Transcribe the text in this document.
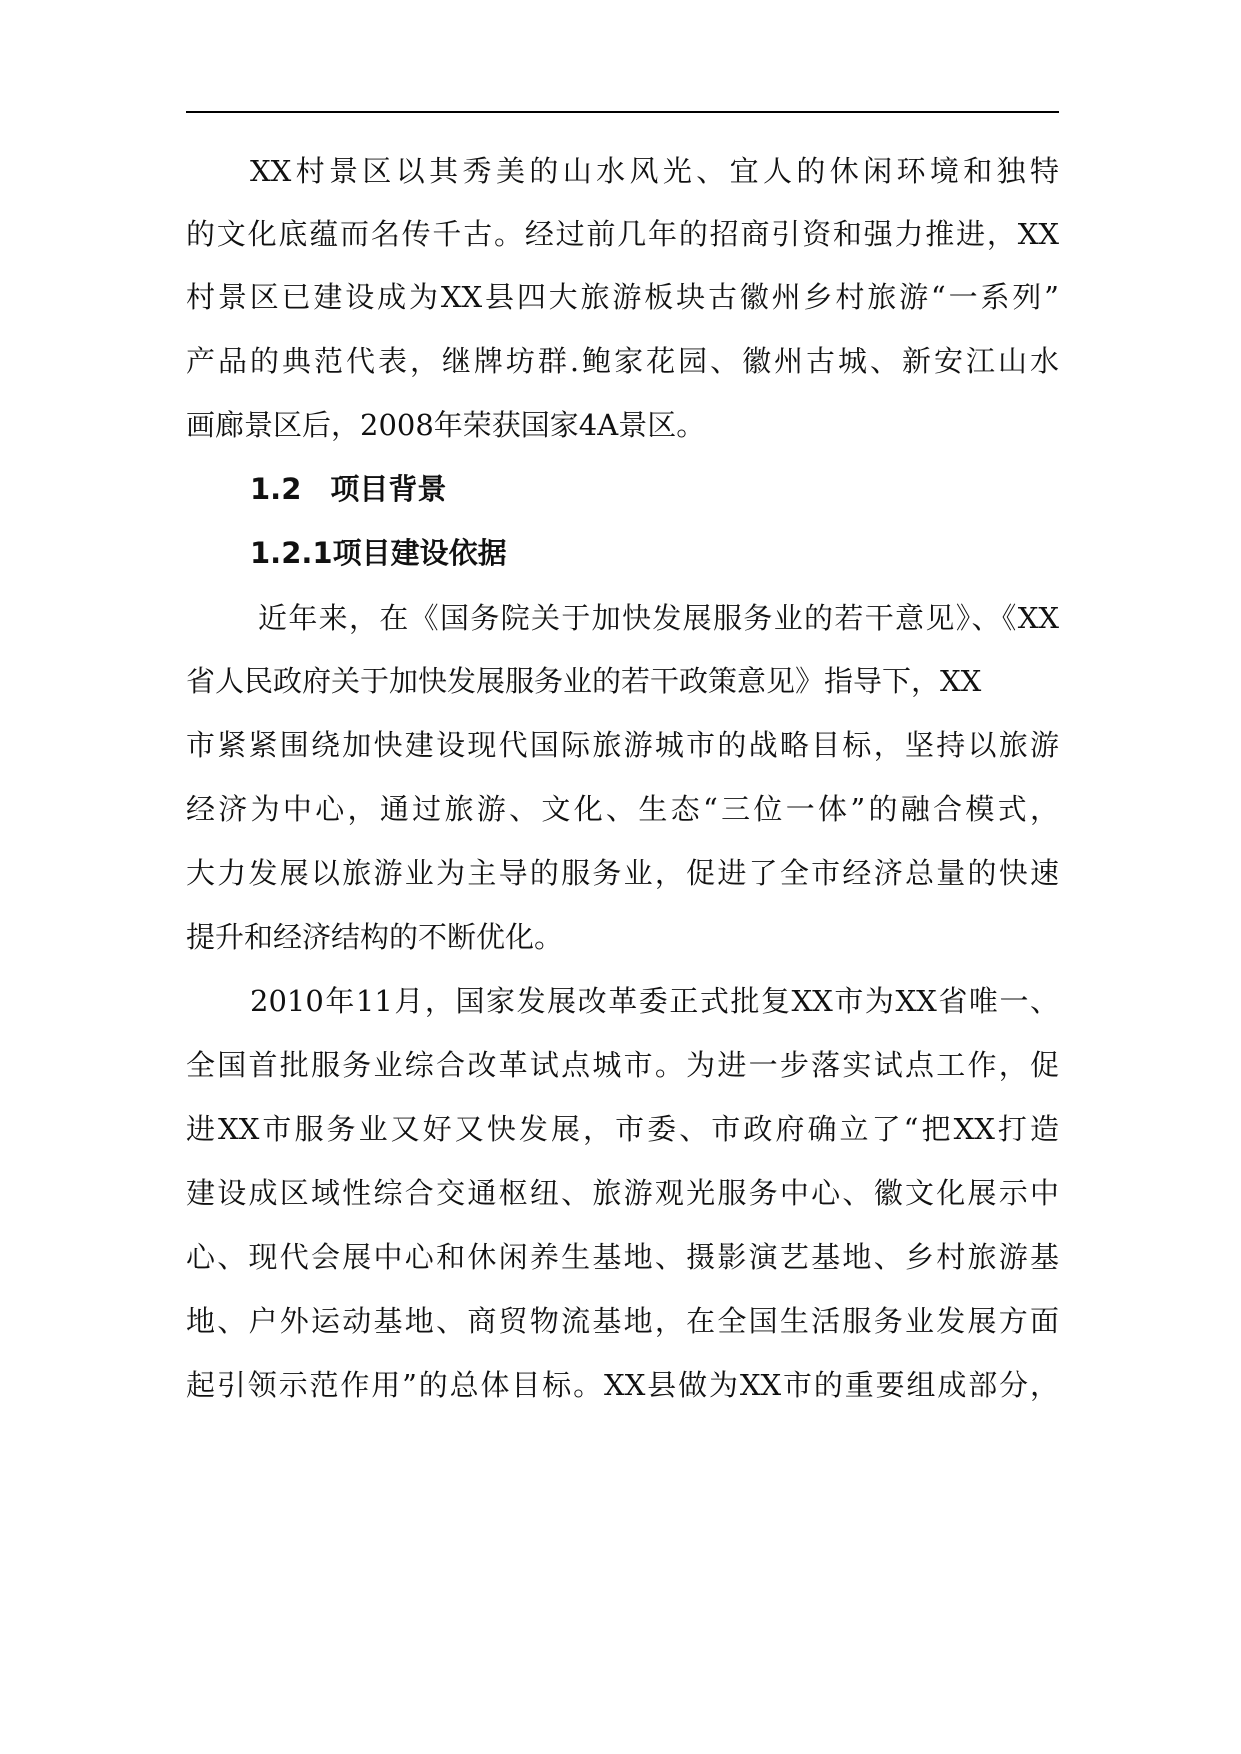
XX村景区以其秀美的山水风光、宜人的休闲环境和独特
的文化底蕴而名传千古。经过前几年的招商引资和强力推进，XX
村景区已建设成为XX县四大旅游板块古徽州乡村旅游“一系列”
产品的典范代表，继牌坊群.鲍家花园、徽州古城、新安江山水
画廊景区后，2008年荣获国家4A景区。
1.2　项目背景
1.2.1项目建设依据
近年来，在《国务院关于加快发展服务业的若干意见》、《XX
省人民政府关于加快发展服务业的若干政策意见》指导下，XX
市紧紧围绕加快建设现代国际旅游城市的战略目标，坚持以旅游
经济为中心，通过旅游、文化、生态“三位一体”的融合模式，
大力发展以旅游业为主导的服务业，促进了全市经济总量的快速
提升和经济结构的不断优化。
2010年11月，国家发展改革委正式批复XX市为XX省唯一、
全国首批服务业综合改革试点城市。为进一步落实试点工作，促
进XX市服务业又好又快发展，市委、市政府确立了“把XX打造
建设成区域性综合交通枢纽、旅游观光服务中心、徽文化展示中
心、现代会展中心和休闲养生基地、摄影演艺基地、乡村旅游基
地、户外运动基地、商贸物流基地，在全国生活服务业发展方面
起引领示范作用”的总体目标。XX县做为XX市的重要组成部分，
